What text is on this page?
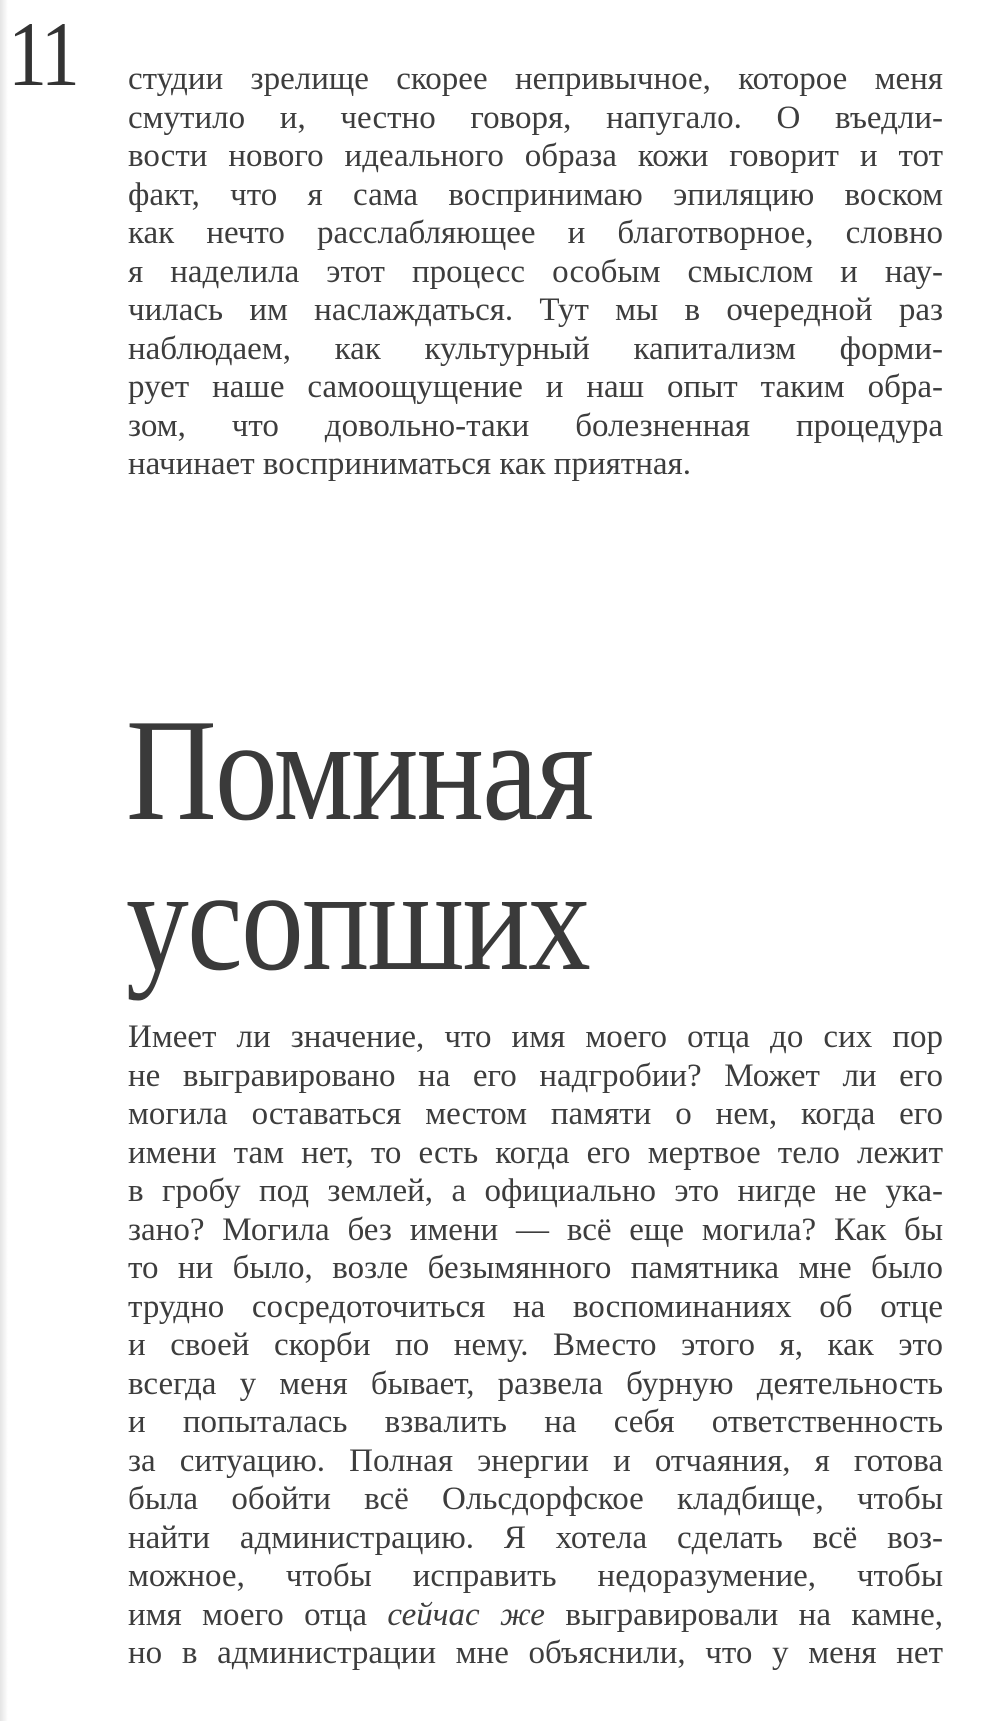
11 студии зрелище скорее непривычное, которое меня
смутило и, честно говоря, напугало. О въедли-
вости нового идеального образа кожи говорит и тот
факт, что я сама воспринимаю эпиляцию воском
как нечто расслабляющее и благотворное, словно
я наделила этот процесс особым смыслом и нау-
чилась им наслаждаться. Тут мы в очередной раз
наблюдаем, как культурный капитализм форми-
рует наше самоощущение и наш опыт таким обра-
зом, что довольно-таки болезненная процедура
начинает восприниматься как приятная.
Поминая
усопших
Имеет ли значение, что имя моего отца до сих пор
не выгравировано на его надгробии? Может ли его
могила оставаться местом памяти о нем, когда его
имени там нет, то есть когда его мертвое тело лежит
в гробу под землей, а официально это нигде не ука-
зано? Могила без имени — всё еще могила? Как бы
то ни было, возле безымянного памятника мне было
трудно сосредоточиться на воспоминаниях об отце
и своей скорби по нему. Вместо этого я, как это
всегда у меня бывает, развела бурную деятельность
и попыталась взвалить на себя ответственность
за ситуацию. Полная энергии и отчаяния, я готова
была обойти всё Ольсдорфское кладбище, чтобы
найти администрацию. Я хотела сделать всё воз-
можное, чтобы исправить недоразумение, чтобы
имя моего отца сейчас же выгравировали на камне,
но в администрации мне объяснили, что у меня нет
